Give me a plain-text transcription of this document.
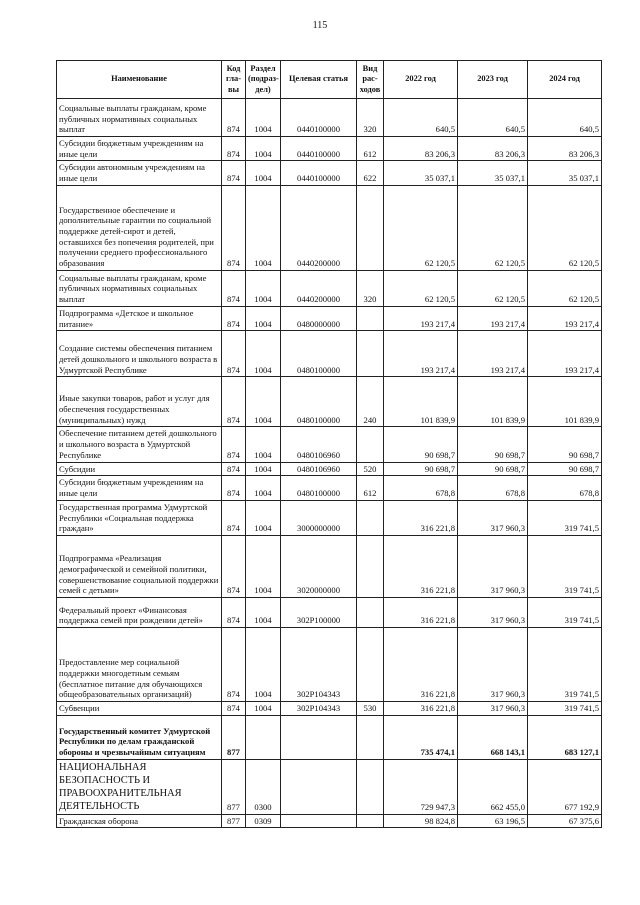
115
Наименование	Код гла-вы	Раздел (подраз-дел)	Целевая статья	Вид рас-ходов	2022 год	2023 год	2024 год
Социальные выплаты гражданам, кроме публичных нормативных социальных выплат	874	1004	0440100000	320	640,5	640,5	640,5
Субсидии бюджетным учреждениям на иные цели	874	1004	0440100000	612	83 206,3	83 206,3	83 206,3
Субсидии автономным учреждениям на иные цели	874	1004	0440100000	622	35 037,1	35 037,1	35 037,1
Государственное обеспечение и дополнительные гарантии по социальной поддержке детей-сирот и детей, оставшихся без попечения родителей, при получении среднего профессионального образования	874	1004	0440200000		62 120,5	62 120,5	62 120,5
Социальные выплаты гражданам, кроме публичных нормативных социальных выплат	874	1004	0440200000	320	62 120,5	62 120,5	62 120,5
Подпрограмма «Детское и школьное питание»	874	1004	0480000000		193 217,4	193 217,4	193 217,4
Создание системы обеспечения питанием детей дошкольного и школьного возраста в Удмуртской Республике	874	1004	0480100000		193 217,4	193 217,4	193 217,4
Иные закупки товаров, работ и услуг для обеспечения государственных (муниципальных) нужд	874	1004	0480100000	240	101 839,9	101 839,9	101 839,9
Обеспечение питанием детей дошкольного и школьного возраста в Удмуртской Республике	874	1004	0480106960		90 698,7	90 698,7	90 698,7
Субсидии	874	1004	0480106960	520	90 698,7	90 698,7	90 698,7
Субсидии бюджетным учреждениям на иные цели	874	1004	0480100000	612	678,8	678,8	678,8
Государственная программа Удмуртской Республики «Социальная поддержка граждан»	874	1004	3000000000		316 221,8	317 960,3	319 741,5
Подпрограмма «Реализация демографической и семейной политики, совершенствование социальной поддержки семей с детьми»	874	1004	3020000000		316 221,8	317 960,3	319 741,5
Федеральный проект «Финансовая поддержка семей при рождении детей»	874	1004	302P100000		316 221,8	317 960,3	319 741,5
Предоставление мер социальной поддержки многодетным семьям (бесплатное питание для обучающихся общеобразовательных организаций)	874	1004	302P104343		316 221,8	317 960,3	319 741,5
Субвенции	874	1004	302P104343	530	316 221,8	317 960,3	319 741,5
Государственный комитет Удмуртской Республики по делам гражданской обороны и чрезвычайным ситуациям	877				735 474,1	668 143,1	683 127,1
НАЦИОНАЛЬНАЯ БЕЗОПАСНОСТЬ И ПРАВООХРАНИТЕЛЬНАЯ ДЕЯТЕЛЬНОСТЬ	877	0300			729 947,3	662 455,0	677 192,9
Гражданская оборона	877	0309			98 824,8	63 196,5	67 375,6
